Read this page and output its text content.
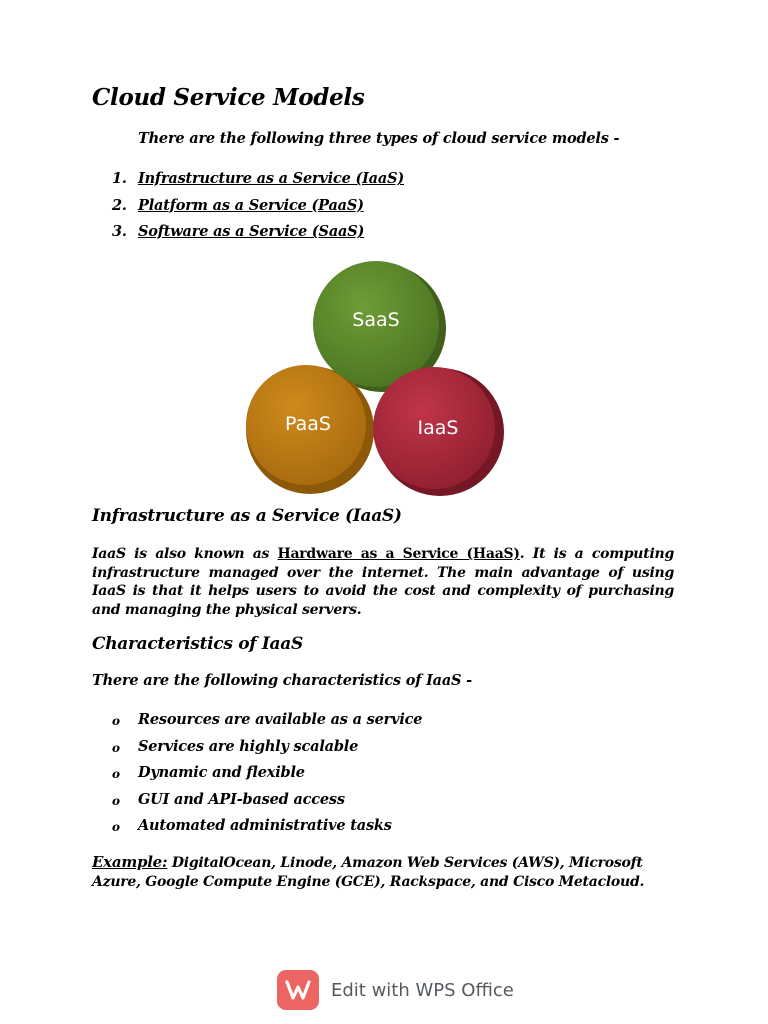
Cloud Service Models

There are the following three types of cloud service models -

1. Infrastructure as a Service (IaaS)
2. Platform as a Service (PaaS)
3. Software as a Service (SaaS)
SaaS
PaaS	IaaS
Infrastructure as a Service (IaaS)

IaaS is also known as Hardware as a Service (HaaS). It is a computing infrastructure managed over the internet. The main advantage of using IaaS is that it helps users to avoid the cost and complexity of purchasing and managing the physical servers.

Characteristics of IaaS

There are the following characteristics of IaaS -

o	Resources are available as a service
o	Services are highly scalable
o	Dynamic and flexible
o	GUI and API-based access
o	Automated administrative tasks

Example: DigitalOcean, Linode, Amazon Web Services (AWS), Microsoft Azure, Google Compute Engine (GCE), Rackspace, and Cisco Metacloud.

Edit with WPS Office
